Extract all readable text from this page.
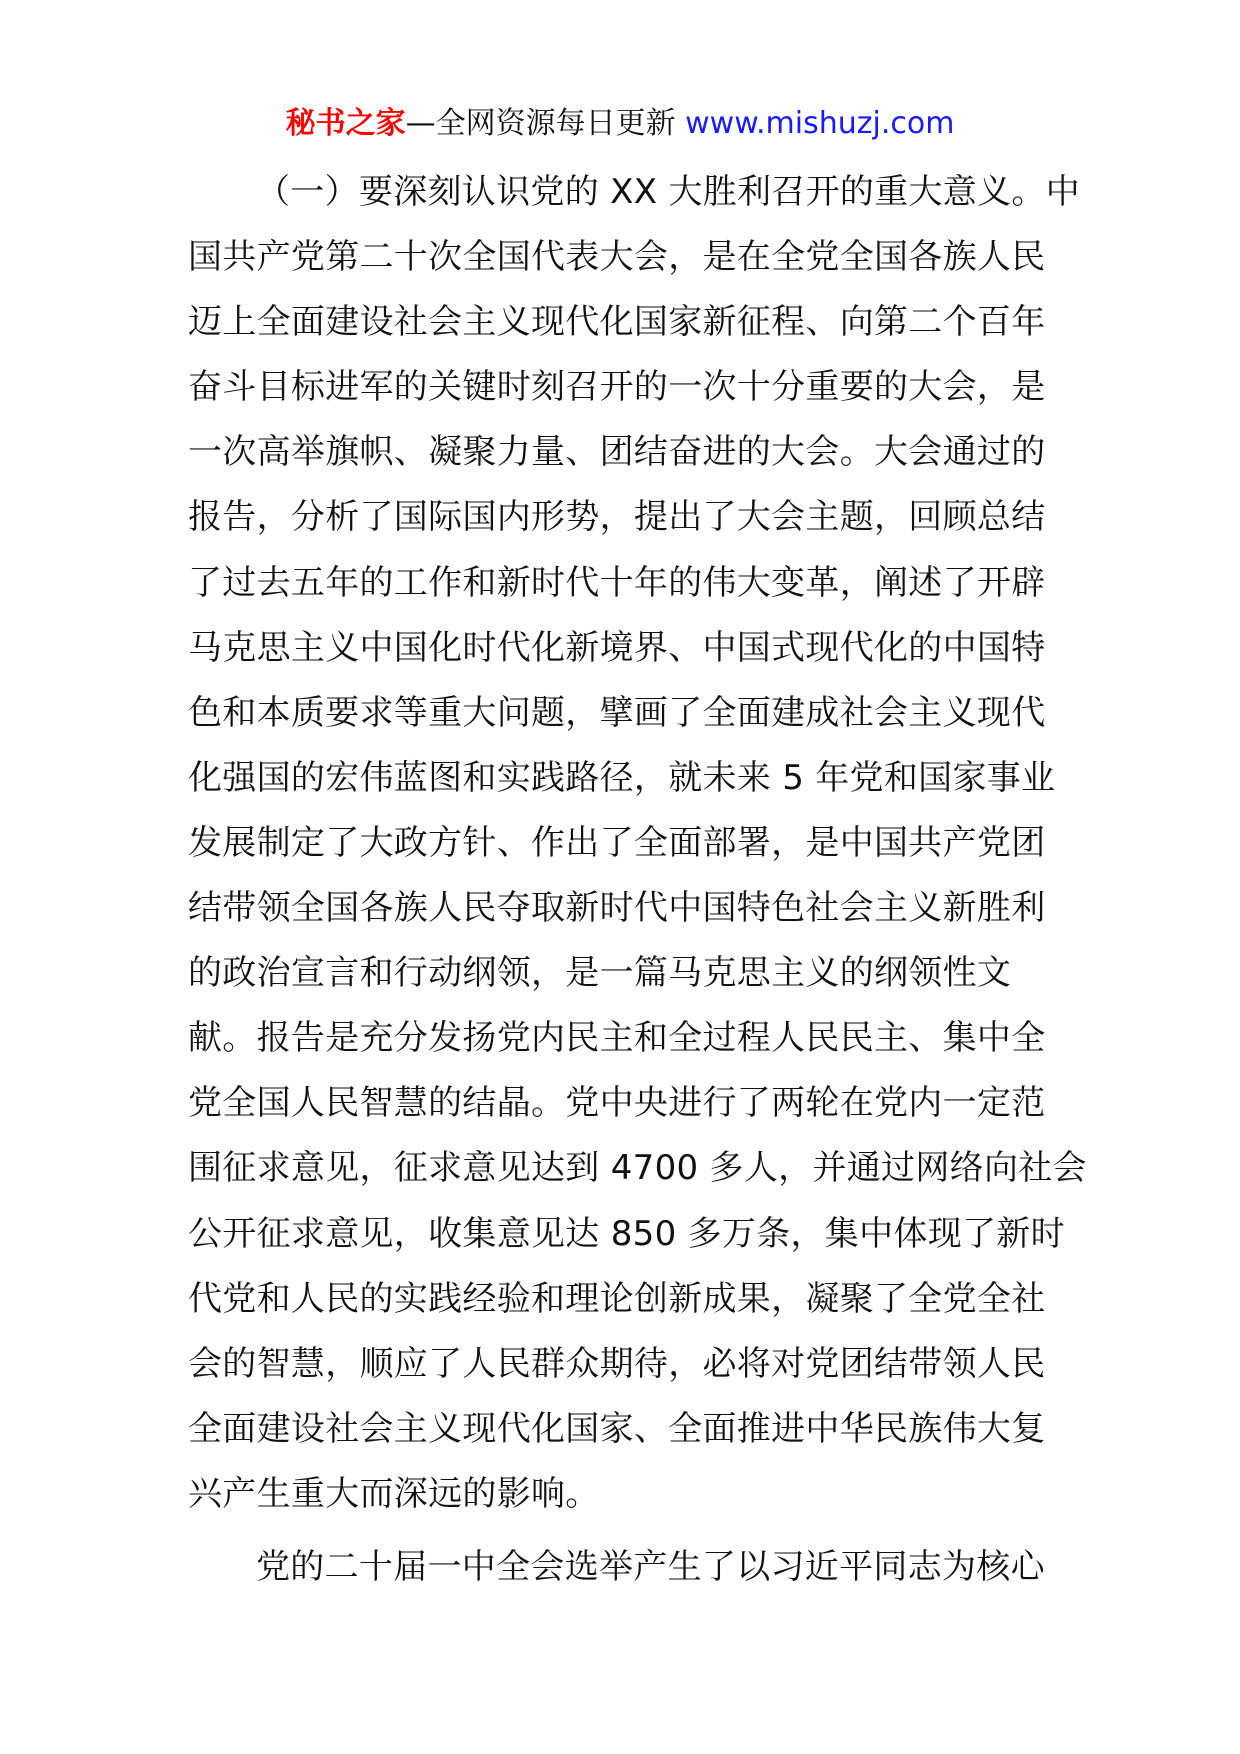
秘书之家—全网资源每日更新 www.mishuzj.com
（一）要深刻认识党的 XX 大胜利召开的重大意义。中
国共产党第二十次全国代表大会，是在全党全国各族人民
迈上全面建设社会主义现代化国家新征程、向第二个百年
奋斗目标进军的关键时刻召开的一次十分重要的大会，是
一次高举旗帜、凝聚力量、团结奋进的大会。大会通过的
报告，分析了国际国内形势，提出了大会主题，回顾总结
了过去五年的工作和新时代十年的伟大变革，阐述了开辟
马克思主义中国化时代化新境界、中国式现代化的中国特
色和本质要求等重大问题，擘画了全面建成社会主义现代
化强国的宏伟蓝图和实践路径，就未来 5 年党和国家事业
发展制定了大政方针、作出了全面部署，是中国共产党团
结带领全国各族人民夺取新时代中国特色社会主义新胜利
的政治宣言和行动纲领，是一篇马克思主义的纲领性文
献。报告是充分发扬党内民主和全过程人民民主、集中全
党全国人民智慧的结晶。党中央进行了两轮在党内一定范
围征求意见，征求意见达到 4700 多人，并通过网络向社会
公开征求意见，收集意见达 850 多万条，集中体现了新时
代党和人民的实践经验和理论创新成果，凝聚了全党全社
会的智慧，顺应了人民群众期待，必将对党团结带领人民
全面建设社会主义现代化国家、全面推进中华民族伟大复
兴产生重大而深远的影响。
党的二十届一中全会选举产生了以习近平同志为核心
